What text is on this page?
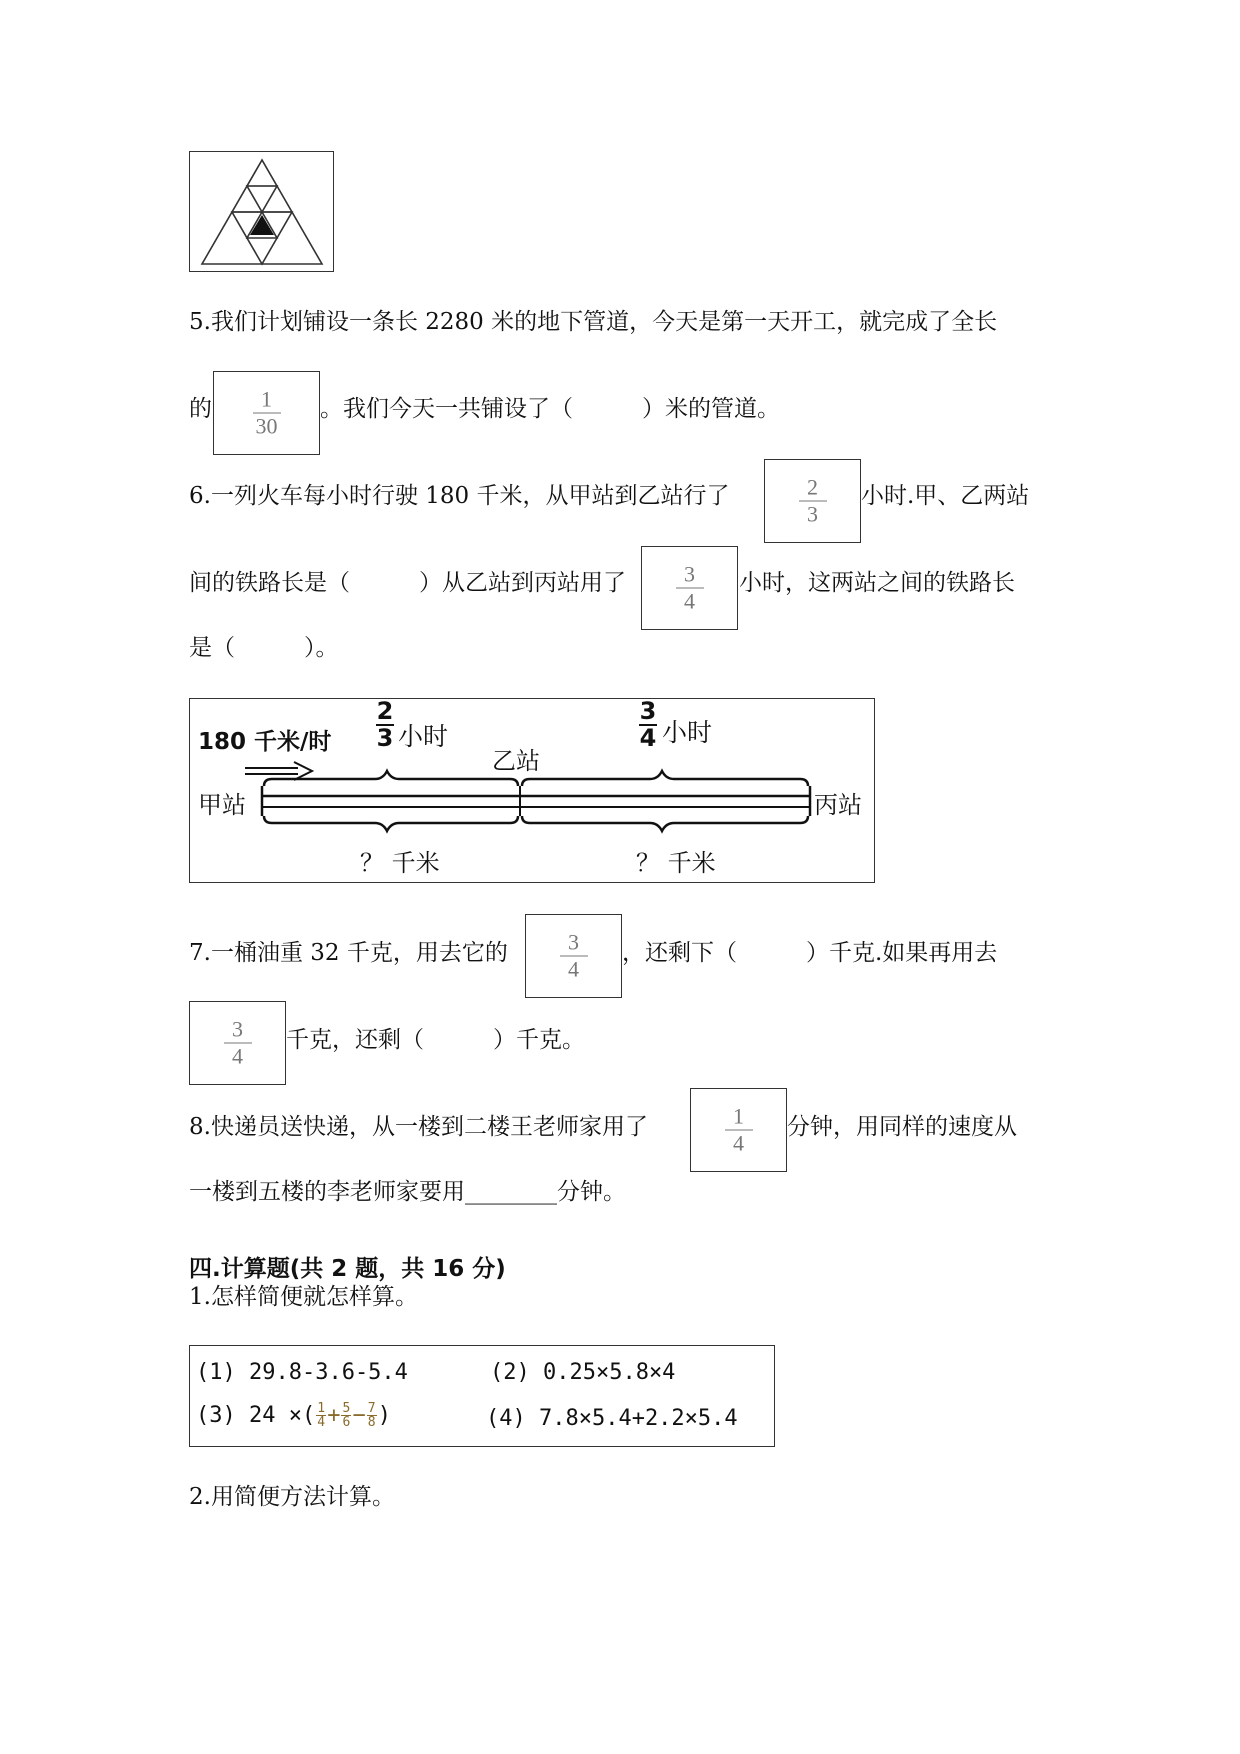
5.我们计划铺设一条长 2280 米的地下管道，今天是第一天开工，就完成了全长
的 1
30
。我们今天一共铺设了（　　　）米的管道。
6.一列火车每小时行驶 180 千米，从甲站到乙站行了	2
3
小时.甲、乙两站
间的铁路长是（　　　）从乙站到丙站用了	3
4
小时，这两站之间的铁路长
是（　　　）。
180 千米/时
2
3 小时
3
4 小时
乙站
甲站	丙站
？ 千米	？ 千米
7.一桶油重 32 千克，用去它的	3
4
，还剩下（　　　）千克.如果再用去
3
4
千克，还剩（　　　）千克。
8.快递员送快递，从一楼到二楼王老师家用了	1
4
分钟，用同样的速度从
一楼到五楼的李老师家要用________分钟。
四.计算题(共 2 题，共 16 分)
1.怎样简便就怎样算。
(1) 29.8-3.6-5.4	(2) 0.25×5.8×4
(3) 24 ×( $\frac{1}{4} + \frac{5}{6} - \frac{7}{8}$ )	(4) 7.8×5.4+2.2×5.4
2.用简便方法计算。
